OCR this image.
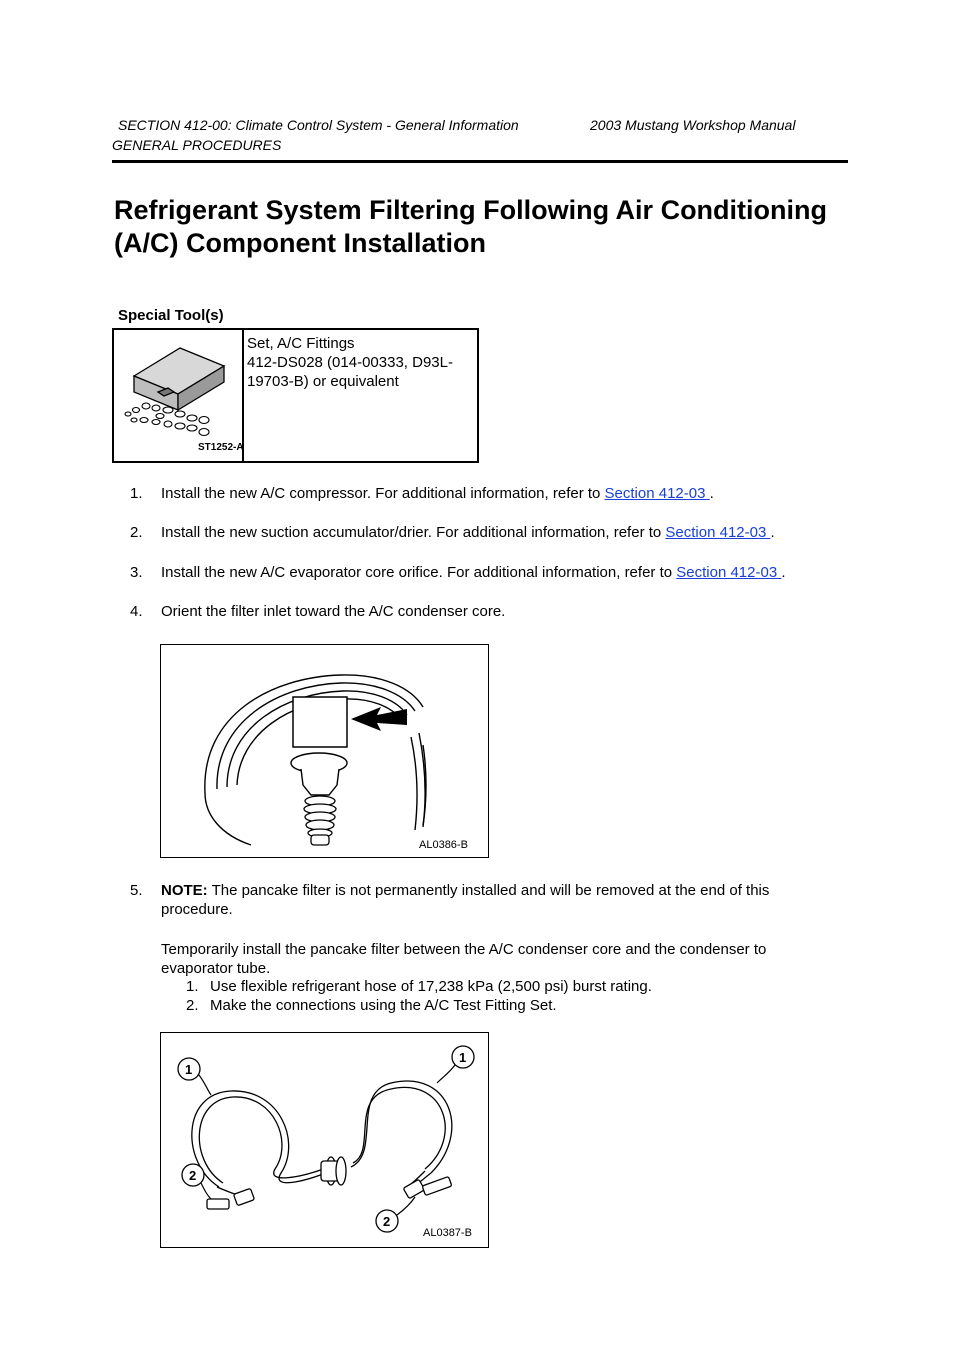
SECTION 412-00: Climate Control System - General Information	2003 Mustang Workshop Manual
GENERAL PROCEDURES
Refrigerant System Filtering Following Air Conditioning (A/C) Component Installation
Special Tool(s)
ST1252-A

Set, A/C Fittings
412-DS028 (014-00333, D93L-19703-B) or equivalent
1.	Install the new A/C compressor. For additional information, refer to Section 412-03 .
2.	Install the new suction accumulator/drier. For additional information, refer to Section 412-03 .
3.	Install the new A/C evaporator core orifice. For additional information, refer to Section 412-03 .
4.	Orient the filter inlet toward the A/C condenser core.
AL0386-B
5.	NOTE: The pancake filter is not permanently installed and will be removed at the end of this procedure.
Temporarily install the pancake filter between the A/C condenser core and the condenser to evaporator tube.
1. Use flexible refrigerant hose of 17,238 kPa (2,500 psi) burst rating.
2. Make the connections using the A/C Test Fitting Set.
1
1
2
2
AL0387-B
